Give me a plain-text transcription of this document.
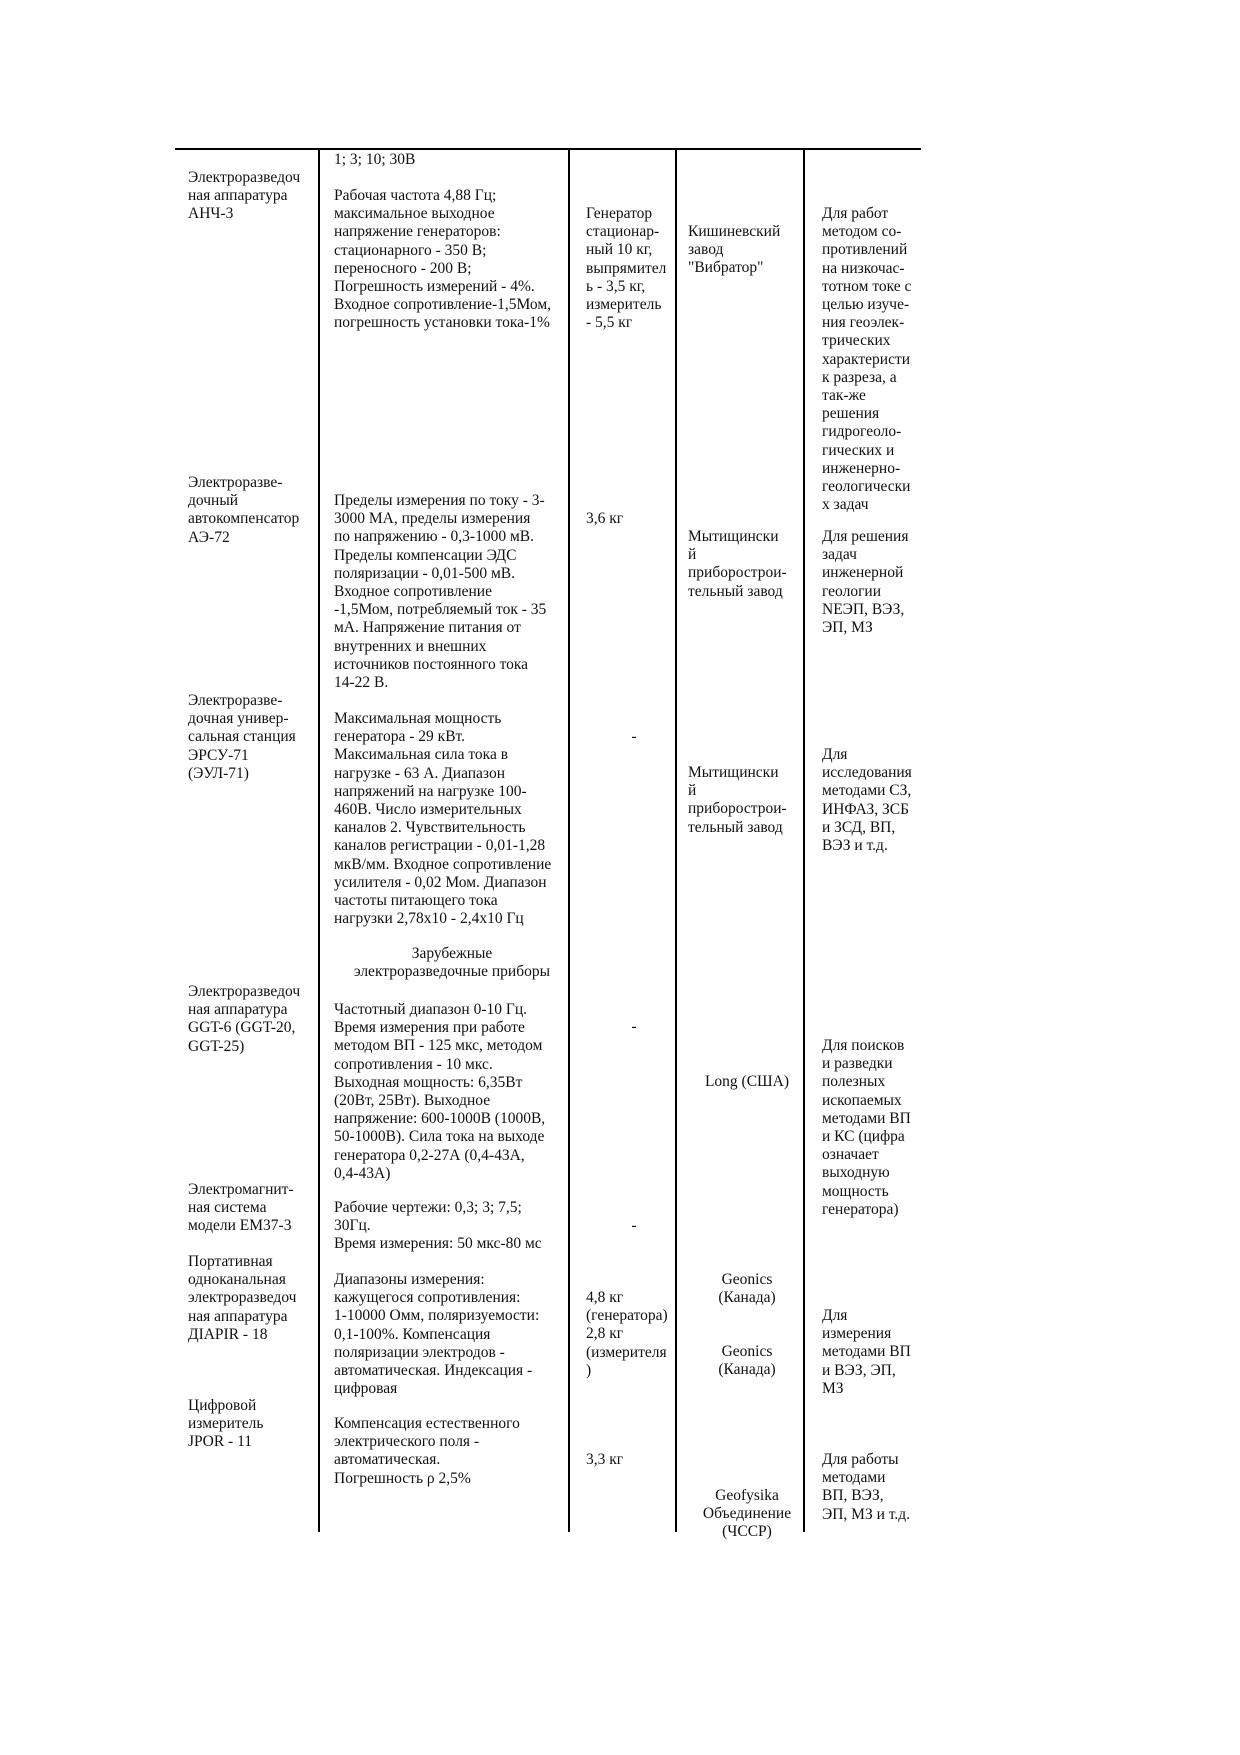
1; 3; 10; 30В
Электроразведоч
ная аппаратура
АНЧ-3
Рабочая частота 4,88 Гц;
максимальное выходное
напряжение генераторов:
стационарного - 350 В;
переносного - 200 В;
Погрешность измерений - 4%.
Входное сопротивление-1,5Мом,
погрешность установки тока-1%
Генератор
стационар-
ный 10 кг,
выпрямител
ь - 3,5 кг,
измеритель
- 5,5 кг
Кишиневский
завод
"Вибратор"
Для работ
методом со-
противлений
на низкочас-
тотном токе с
целью изуче-
ния геоэлек-
трических
характеристи
к разреза, а
так-же
решения
гидрогеоло-
гических и
инженерно-
геологически
х задач
Электроразве-
дочный
автокомпенсатор
АЭ-72
Пределы измерения по току - 3-
3000 МА, пределы измерения
по напряжению - 0,3-1000 мВ.
Пределы компенсации ЭДС
поляризации - 0,01-500 мВ.
Входное сопротивление
-1,5Мом, потребляемый ток - 35
мА. Напряжение питания от
внутренних и внешних
источников постоянного тока
14-22 В.
3,6 кг
Мытищински
й
приборострои-
тельный завод
Для решения
задач
инженерной
геологии
NЕЭП, ВЭЗ,
ЭП, МЗ
Электроразве-
дочная универ-
сальная станция
ЭРСУ-71
(ЭУЛ-71)
Максимальная мощность
генератора - 29 кВт.
Максимальная сила тока в
нагрузке - 63 А. Диапазон
напряжений на нагрузке 100-
460В. Число измерительных
каналов 2. Чувствительность
каналов регистрации - 0,01-1,28
мкВ/мм. Входное сопротивление
усилителя - 0,02 Мом. Диапазон
частоты питающего тока
нагрузки 2,78х10 - 2,4х10 Гц
-
Мытищински
й
приборострои-
тельный завод
Для
исследования
методами СЗ,
ИНФАЗ, ЗСБ
и ЗСД, ВП,
ВЭЗ и т.д.
Зарубежные
электроразведочные приборы
Электроразведоч
ная аппаратура
GGT-6 (GGT-20,
GGT-25)
Частотный диапазон 0-10 Гц.
Время измерения при работе
методом ВП - 125 мкс, методом
сопротивления - 10 мкс.
Выходная мощность: 6,35Вт
(20Вт, 25Вт). Выходное
напряжение: 600-1000В (1000В,
50-1000В). Сила тока на выходе
генератора 0,2-27А (0,4-43А,
0,4-43А)
-
Long (США)
Для поисков
и разведки
полезных
ископаемых
методами ВП
и КС (цифра
означает
выходную
мощность
генератора)
Электромагнит-
ная система
модели ЕМ37-3
Рабочие чертежи: 0,3; 3; 7,5;
30Гц.
Время измерения: 50 мкс-80 мс
-
Портативная
одноканальная
электроразведоч
ная аппаратура
ДIAPIR - 18
Диапазоны измерения:
кажущегося сопротивления:
1-10000 Омм, поляризуемости:
0,1-100%. Компенсация
поляризации электродов -
автоматическая. Индексация -
цифровая
4,8 кг
(генератора)
2,8 кг
(измерителя
)
Geonics
(Канада)
Geonics
(Канада)
Для
измерения
методами ВП
и ВЭЗ, ЭП,
МЗ
Цифровой
измеритель
JPOR - 11
Компенсация естественного
электрического поля -
автоматическая.
Погрешность ρ 2,5%
3,3 кг
Geofysika
Объединение
(ЧССР)
Для работы
методами
ВП, ВЭЗ,
ЭП, МЗ и т.д.
